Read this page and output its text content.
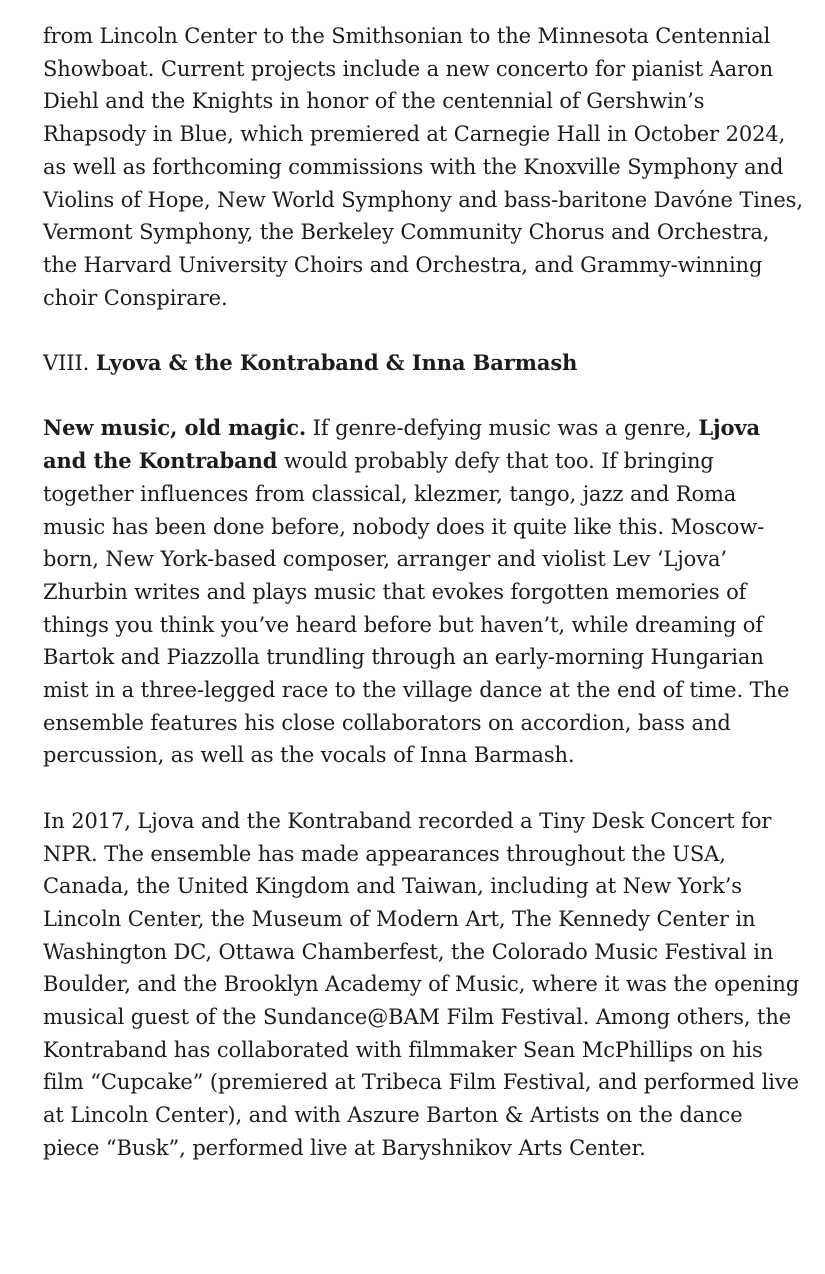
from Lincoln Center to the Smithsonian to the Minnesota Centennial Showboat. Current projects include a new concerto for pianist Aaron Diehl and the Knights in honor of the centennial of Gershwin’s Rhapsody in Blue, which premiered at Carnegie Hall in October 2024, as well as forthcoming commissions with the Knoxville Symphony and Violins of Hope, New World Symphony and bass-baritone Davóne Tines, Vermont Symphony, the Berkeley Community Chorus and Orchestra, the Harvard University Choirs and Orchestra, and Grammy-winning choir Conspirare.

VIII. Lyova & the Kontraband & Inna Barmash

New music, old magic. If genre-defying music was a genre, Ljova and the Kontraband would probably defy that too. If bringing together influences from classical, klezmer, tango, jazz and Roma music has been done before, nobody does it quite like this. Moscow-born, New York-based composer, arranger and violist Lev ‘Ljova’ Zhurbin writes and plays music that evokes forgotten memories of things you think you’ve heard before but haven’t, while dreaming of Bartok and Piazzolla trundling through an early-morning Hungarian mist in a three-legged race to the village dance at the end of time. The ensemble features his close collaborators on accordion, bass and percussion, as well as the vocals of Inna Barmash.

In 2017, Ljova and the Kontraband recorded a Tiny Desk Concert for NPR. The ensemble has made appearances throughout the USA, Canada, the United Kingdom and Taiwan, including at New York’s Lincoln Center, the Museum of Modern Art, The Kennedy Center in Washington DC, Ottawa Chamberfest, the Colorado Music Festival in Boulder, and the Brooklyn Academy of Music, where it was the opening musical guest of the Sundance@BAM Film Festival. Among others, the Kontraband has collaborated with filmmaker Sean McPhillips on his film “Cupcake” (premiered at Tribeca Film Festival, and performed live at Lincoln Center), and with Aszure Barton & Artists on the dance piece “Busk”, performed live at Baryshnikov Arts Center.
